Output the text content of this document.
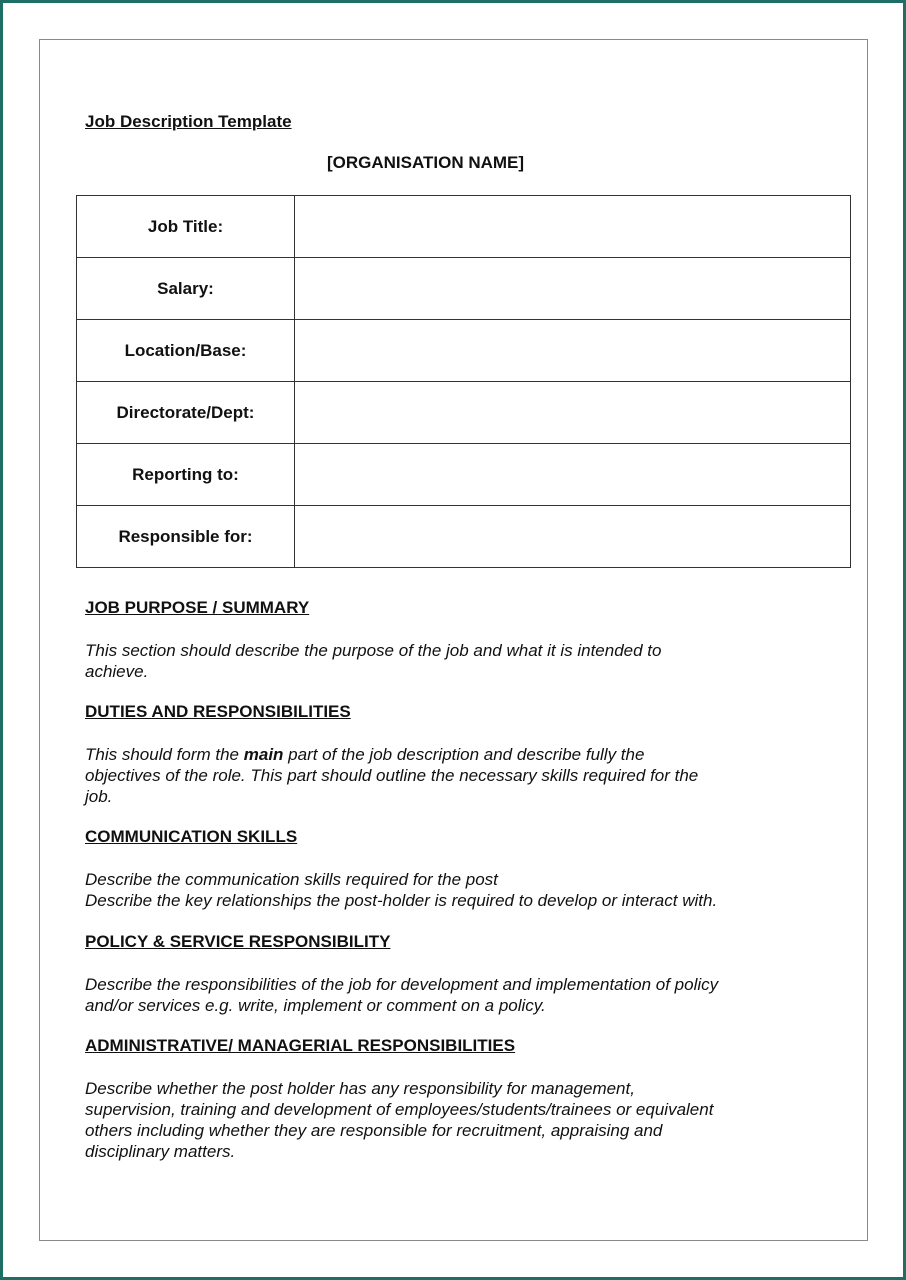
Job Description Template
[ORGANISATION NAME]
Job Title:	
Salary:	
Location/Base:	
Directorate/Dept:	
Reporting to:	
Responsible for:	
JOB PURPOSE / SUMMARY

This section should describe the purpose of the job and what it is intended to
achieve.

DUTIES AND RESPONSIBILITIES

This should form the main part of the job description and describe fully the
objectives of the role. This part should outline the necessary skills required for the
job.

COMMUNICATION SKILLS

Describe the communication skills required for the post
Describe the key relationships the post-holder is required to develop or interact with.

POLICY & SERVICE RESPONSIBILITY

Describe the responsibilities of the job for development and implementation of policy
and/or services e.g. write, implement or comment on a policy.

ADMINISTRATIVE/ MANAGERIAL RESPONSIBILITIES

Describe whether the post holder has any responsibility for management,
supervision, training and development of employees/students/trainees or equivalent
others including whether they are responsible for recruitment, appraising and
disciplinary matters.
